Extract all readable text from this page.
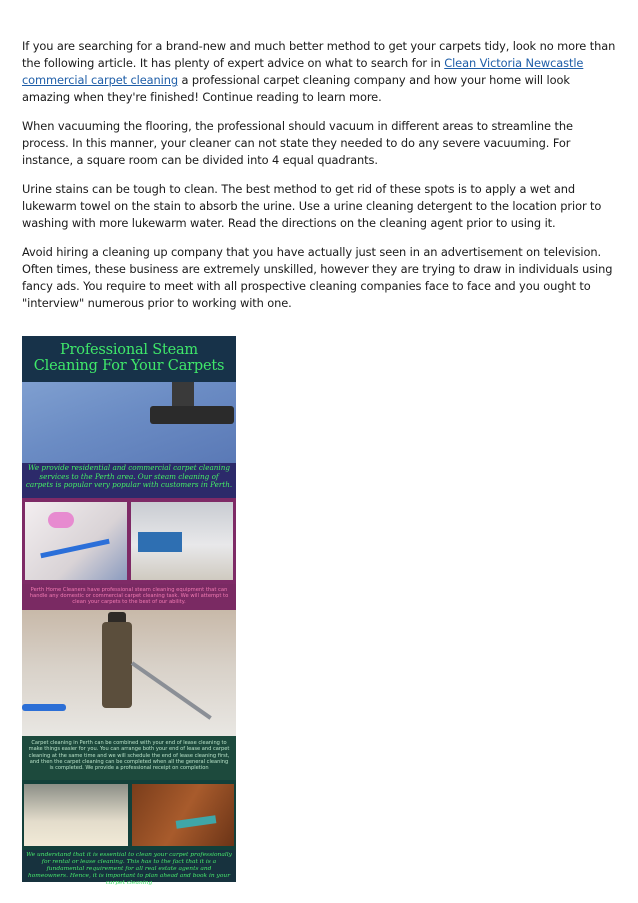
If you are searching for a brand-new and much better method to get your carpets tidy, look no more than the following article. It has plenty of expert advice on what to search for in Clean Victoria Newcastle commercial carpet cleaning a professional carpet cleaning company and how your home will look amazing when they're finished! Continue reading to learn more.

When vacuuming the flooring, the professional should vacuum in different areas to streamline the process. In this manner, your cleaner can not state they needed to do any severe vacuuming. For instance, a square room can be divided into 4 equal quadrants.

Urine stains can be tough to clean. The best method to get rid of these spots is to apply a wet and lukewarm towel on the stain to absorb the urine. Use a urine cleaning detergent to the location prior to washing with more lukewarm water. Read the directions on the cleaning agent prior to using it.

Avoid hiring a cleaning up company that you have actually just seen in an advertisement on television. Often times, these business are extremely unskilled, however they are trying to draw in individuals using fancy ads. You require to meet with all prospective cleaning companies face to face and you ought to "interview" numerous prior to working with one.

Professional Steam
Cleaning For Your Carpets
We provide residential and commercial carpet cleaning services to the Perth area. Our steam cleaning of carpets is popular very popular with customers in Perth.
Perth Home Cleaners have professional steam cleaning equipment that can handle any domestic or commercial carpet cleaning task. We will attempt to clean your carpets to the best of our ability.
Carpet cleaning in Perth can be combined with your end of lease cleaning to make things easier for you. You can arrange both your end of lease and carpet cleaning at the same time and we will schedule the end of lease cleaning first, and then the carpet cleaning can be completed when all the general cleaning is completed. We provide a professional receipt on completion
We understand that it is essential to clean your carpet professionally for rental or lease cleaning. This has to the fact that it is a fundamental requirement for all real estate agents and homeowners. Hence, it is important to plan ahead and book in your carpet cleaning
